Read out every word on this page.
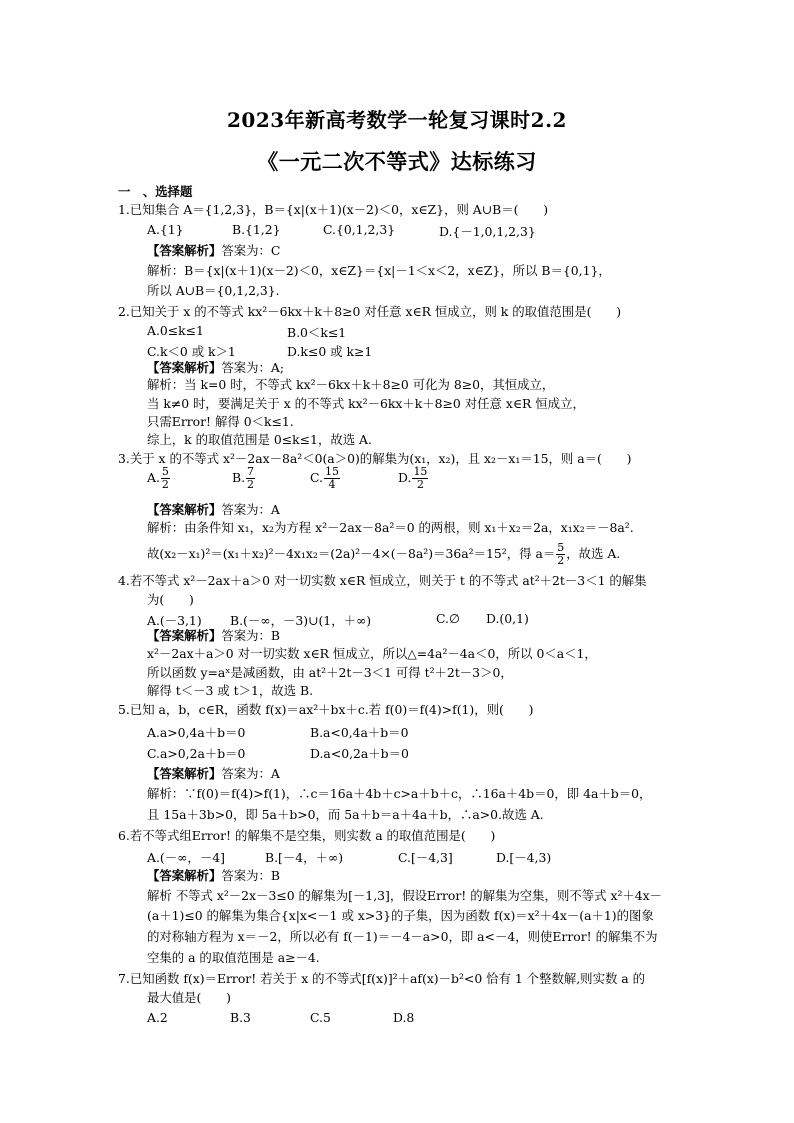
2023年新高考数学一轮复习课时2.2
《一元二次不等式》达标练习
一　、选择题
1.已知集合 A＝{1,2,3}，B＝{x|(x＋1)(x－2)＜0，x∈Z}，则 A∪B＝(　　)
A.{1}	B.{1,2}	C.{0,1,2,3}	D.{－1,0,1,2,3}
【答案解析】答案为：C
解析：B＝{x|(x＋1)(x－2)＜0，x∈Z}＝{x|－1＜x＜2，x∈Z}，所以 B＝{0,1}，
所以 A∪B＝{0,1,2,3}.
2.已知关于 x 的不等式 kx²－6kx＋k＋8≥0 对任意 x∈R 恒成立，则 k 的取值范围是(　　)
A.0≤k≤1	B.0＜k≤1
C.k＜0 或 k＞1	D.k≤0 或 k≥1
【答案解析】答案为：A;
解析：当 k=0 时，不等式 kx²－6kx＋k＋8≥0 可化为 8≥0，其恒成立，
当 k≠0 时，要满足关于 x 的不等式 kx²－6kx＋k＋8≥0 对任意 x∈R 恒成立，
只需Error! 解得 0＜k≤1.
综上，k 的取值范围是 0≤k≤1，故选 A.
3.关于 x 的不等式 x²－2ax－8a²＜0(a＞0)的解集为(x₁，x₂)，且 x₂－x₁＝15，则 a＝(　　)
A. $\frac{5}{2}$	B. $\frac{7}{2}$	C. $\frac{15}{4}$	D. $\frac{15}{2}$
【答案解析】答案为：A
解析：由条件知 x₁，x₂为方程 x²－2ax－8a²＝0 的两根，则 x₁＋x₂＝2a，x₁x₂＝－8a².
故(x₂－x₁)²＝(x₁＋x₂)²－4x₁x₂＝(2a)²－4×(－8a²)＝36a²＝15²，得 $a= \frac{5}{2}$ ，故选 A.
4.若不等式 x²－2ax＋a＞0 对一切实数 x∈R 恒成立，则关于 t 的不等式 at²＋2t－3＜1 的解集
为(　　)
A.(－3,1) B.(－∞，－3)∪(1，＋∞)	C.∅ D.(0,1)
【答案解析】答案为：B
x²－2ax＋a＞0 对一切实数 x∈R 恒成立，所以△=4a²－4a＜0，所以 0＜a＜1，
所以函数 y=aˣ是减函数，由 at²＋2t－3＜1 可得 t²＋2t－3＞0，
解得 t＜－3 或 t＞1，故选 B.
5.已知 a，b，c∈R，函数 f(x)＝ax²＋bx＋c.若 f(0)＝f(4)>f(1)，则(　　)
A.a>0,4a＋b＝0	B.a<0,4a＋b＝0
C.a>0,2a＋b＝0	D.a<0,2a＋b＝0
【答案解析】答案为：A
解析：∵f(0)＝f(4)>f(1)，∴c＝16a＋4b＋c>a＋b＋c，∴16a＋4b＝0，即 4a＋b＝0，
且 15a＋3b>0，即 5a＋b>0，而 5a＋b＝a＋4a＋b，∴a>0.故选 A.
6.若不等式组Error! 的解集不是空集，则实数 a 的取值范围是(　　)
A.(－∞，－4]	B.[－4，＋∞)	C.[－4,3]	D.[－4,3)
【答案解析】答案为：B
解析 不等式 x²－2x－3≤0 的解集为[－1,3]，假设Error! 的解集为空集，则不等式 x²＋4x－
(a＋1)≤0 的解集为集合{x|x<－1 或 x>3}的子集，因为函数 f(x)＝x²＋4x－(a＋1)的图象
的对称轴方程为 x＝－2，所以必有 f(－1)＝－4－a>0，即 a<－4，则使Error! 的解集不为
空集的 a 的取值范围是 a≥－4.
7.已知函数 f(x)＝Error! 若关于 x 的不等式[f(x)]²＋af(x)－b²<0 恰有 1 个整数解,则实数 a 的
最大值是(　　)
A.2	B.3	C.5	D.8
